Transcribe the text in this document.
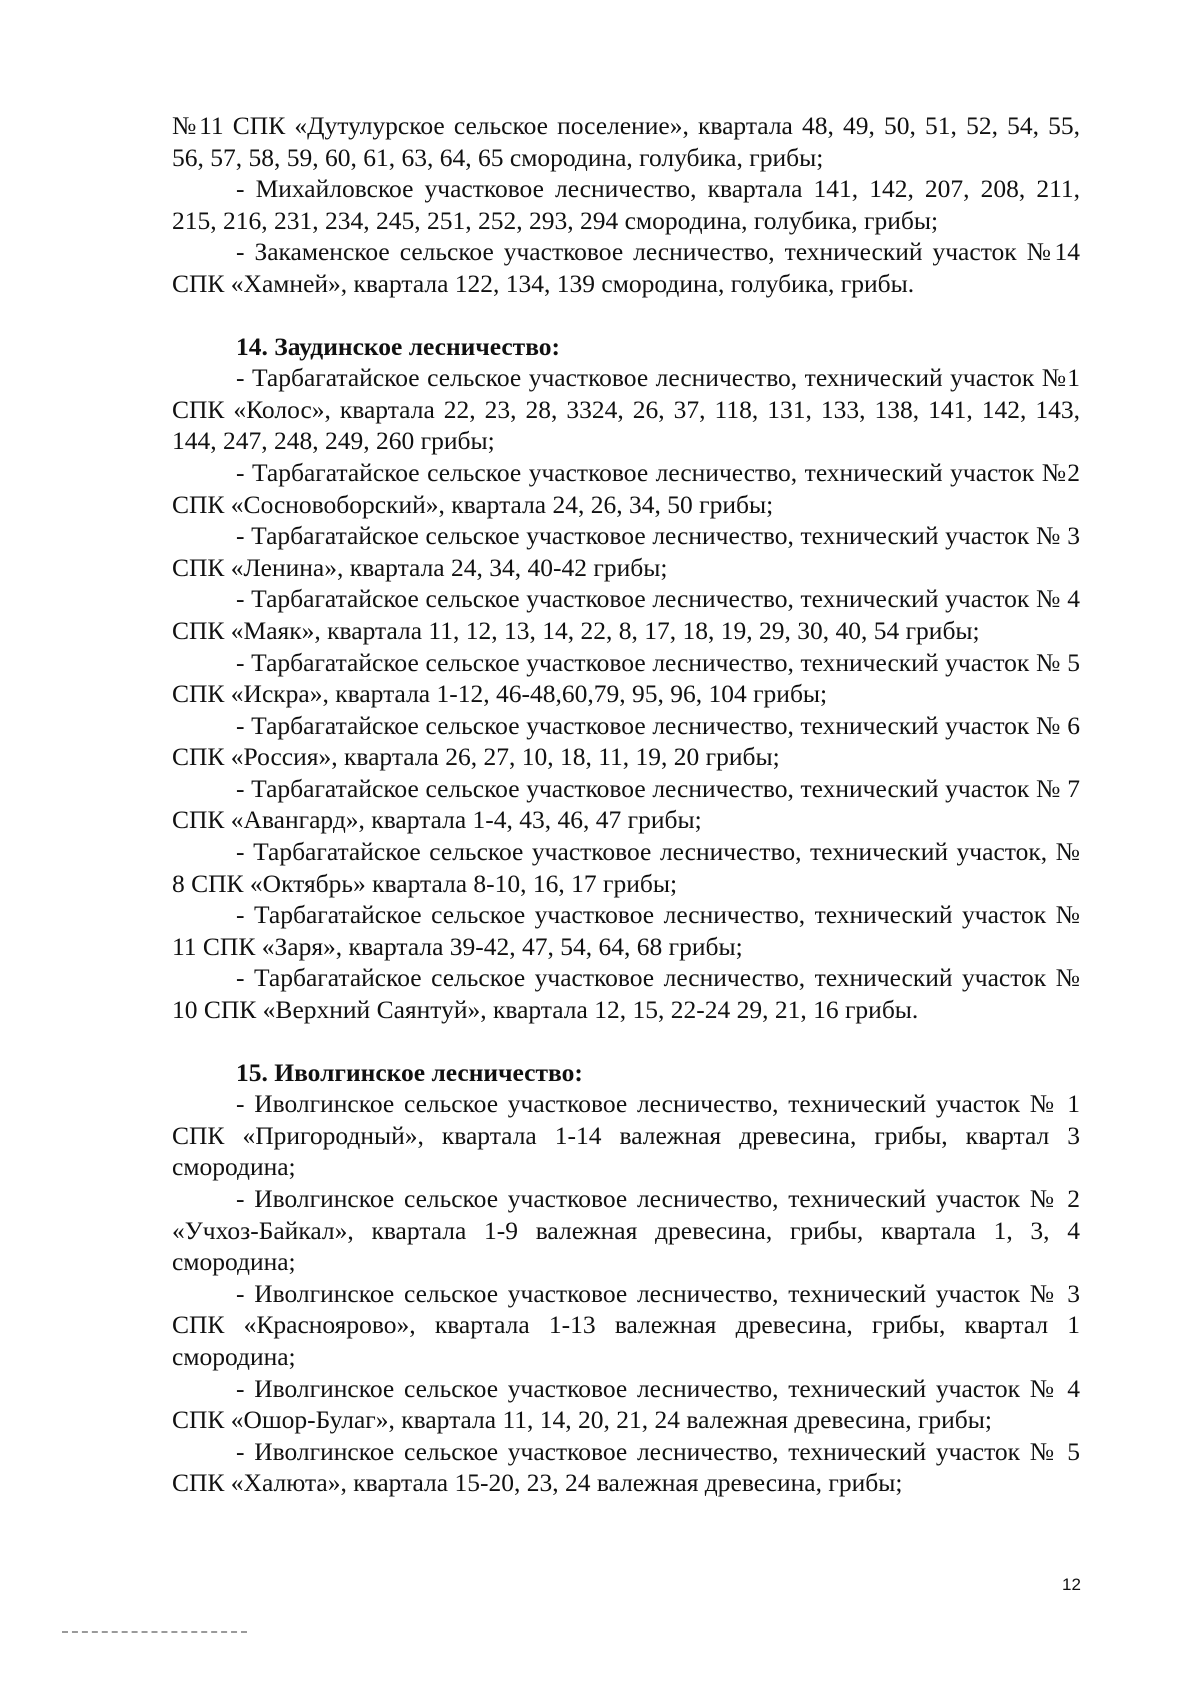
№11 СПК «Дутулурское сельское поселение», квартала 48, 49, 50, 51, 52, 54, 55, 56, 57, 58, 59, 60, 61, 63, 64, 65 смородина, голубика, грибы;

- Михайловское участковое лесничество, квартала 141, 142, 207, 208, 211, 215, 216, 231, 234, 245, 251, 252, 293, 294 смородина, голубика, грибы;

- Закаменское сельское участковое лесничество, технический участок №14 СПК «Хамней», квартала 122, 134, 139 смородина, голубика, грибы.

14. Заудинское лесничество:

- Тарбагатайское сельское участковое лесничество, технический участок №1 СПК «Колос», квартала 22, 23, 28, 3324, 26, 37, 118, 131, 133, 138, 141, 142, 143, 144, 247, 248, 249, 260 грибы;

- Тарбагатайское сельское участковое лесничество, технический участок №2 СПК «Сосновоборский», квартала 24, 26, 34, 50 грибы;

- Тарбагатайское сельское участковое лесничество, технический участок № 3 СПК «Ленина», квартала 24, 34, 40-42 грибы;

- Тарбагатайское сельское участковое лесничество, технический участок № 4 СПК «Маяк», квартала 11, 12, 13, 14, 22, 8, 17, 18, 19, 29, 30, 40, 54 грибы;

- Тарбагатайское сельское участковое лесничество, технический участок № 5 СПК «Искра», квартала 1-12, 46-48,60,79, 95, 96, 104 грибы;

- Тарбагатайское сельское участковое лесничество, технический участок № 6 СПК «Россия», квартала 26, 27, 10, 18, 11, 19, 20 грибы;

- Тарбагатайское сельское участковое лесничество, технический участок № 7 СПК «Авангард», квартала 1-4, 43, 46, 47 грибы;

- Тарбагатайское сельское участковое лесничество, технический участок, № 8 СПК «Октябрь» квартала 8-10, 16, 17 грибы;

- Тарбагатайское сельское участковое лесничество, технический участок № 11 СПК «Заря», квартала 39-42, 47, 54, 64, 68 грибы;

- Тарбагатайское сельское участковое лесничество, технический участок № 10 СПК «Верхний Саянтуй», квартала 12, 15, 22-24 29, 21, 16 грибы.

15. Иволгинское лесничество:

- Иволгинское сельское участковое лесничество, технический участок № 1 СПК «Пригородный», квартала 1-14 валежная древесина, грибы, квартал 3 смородина;

- Иволгинское сельское участковое лесничество, технический участок № 2 «Учхоз-Байкал», квартала 1-9 валежная древесина, грибы, квартала 1, 3, 4 смородина;

- Иволгинское сельское участковое лесничество, технический участок № 3 СПК «Красноярово», квартала 1-13 валежная древесина, грибы, квартал 1 смородина;

- Иволгинское сельское участковое лесничество, технический участок № 4 СПК «Ошор-Булаг», квартала 11, 14, 20, 21, 24 валежная древесина, грибы;

- Иволгинское сельское участковое лесничество, технический участок № 5 СПК «Халюта», квартала 15-20, 23, 24 валежная древесина, грибы;

12
